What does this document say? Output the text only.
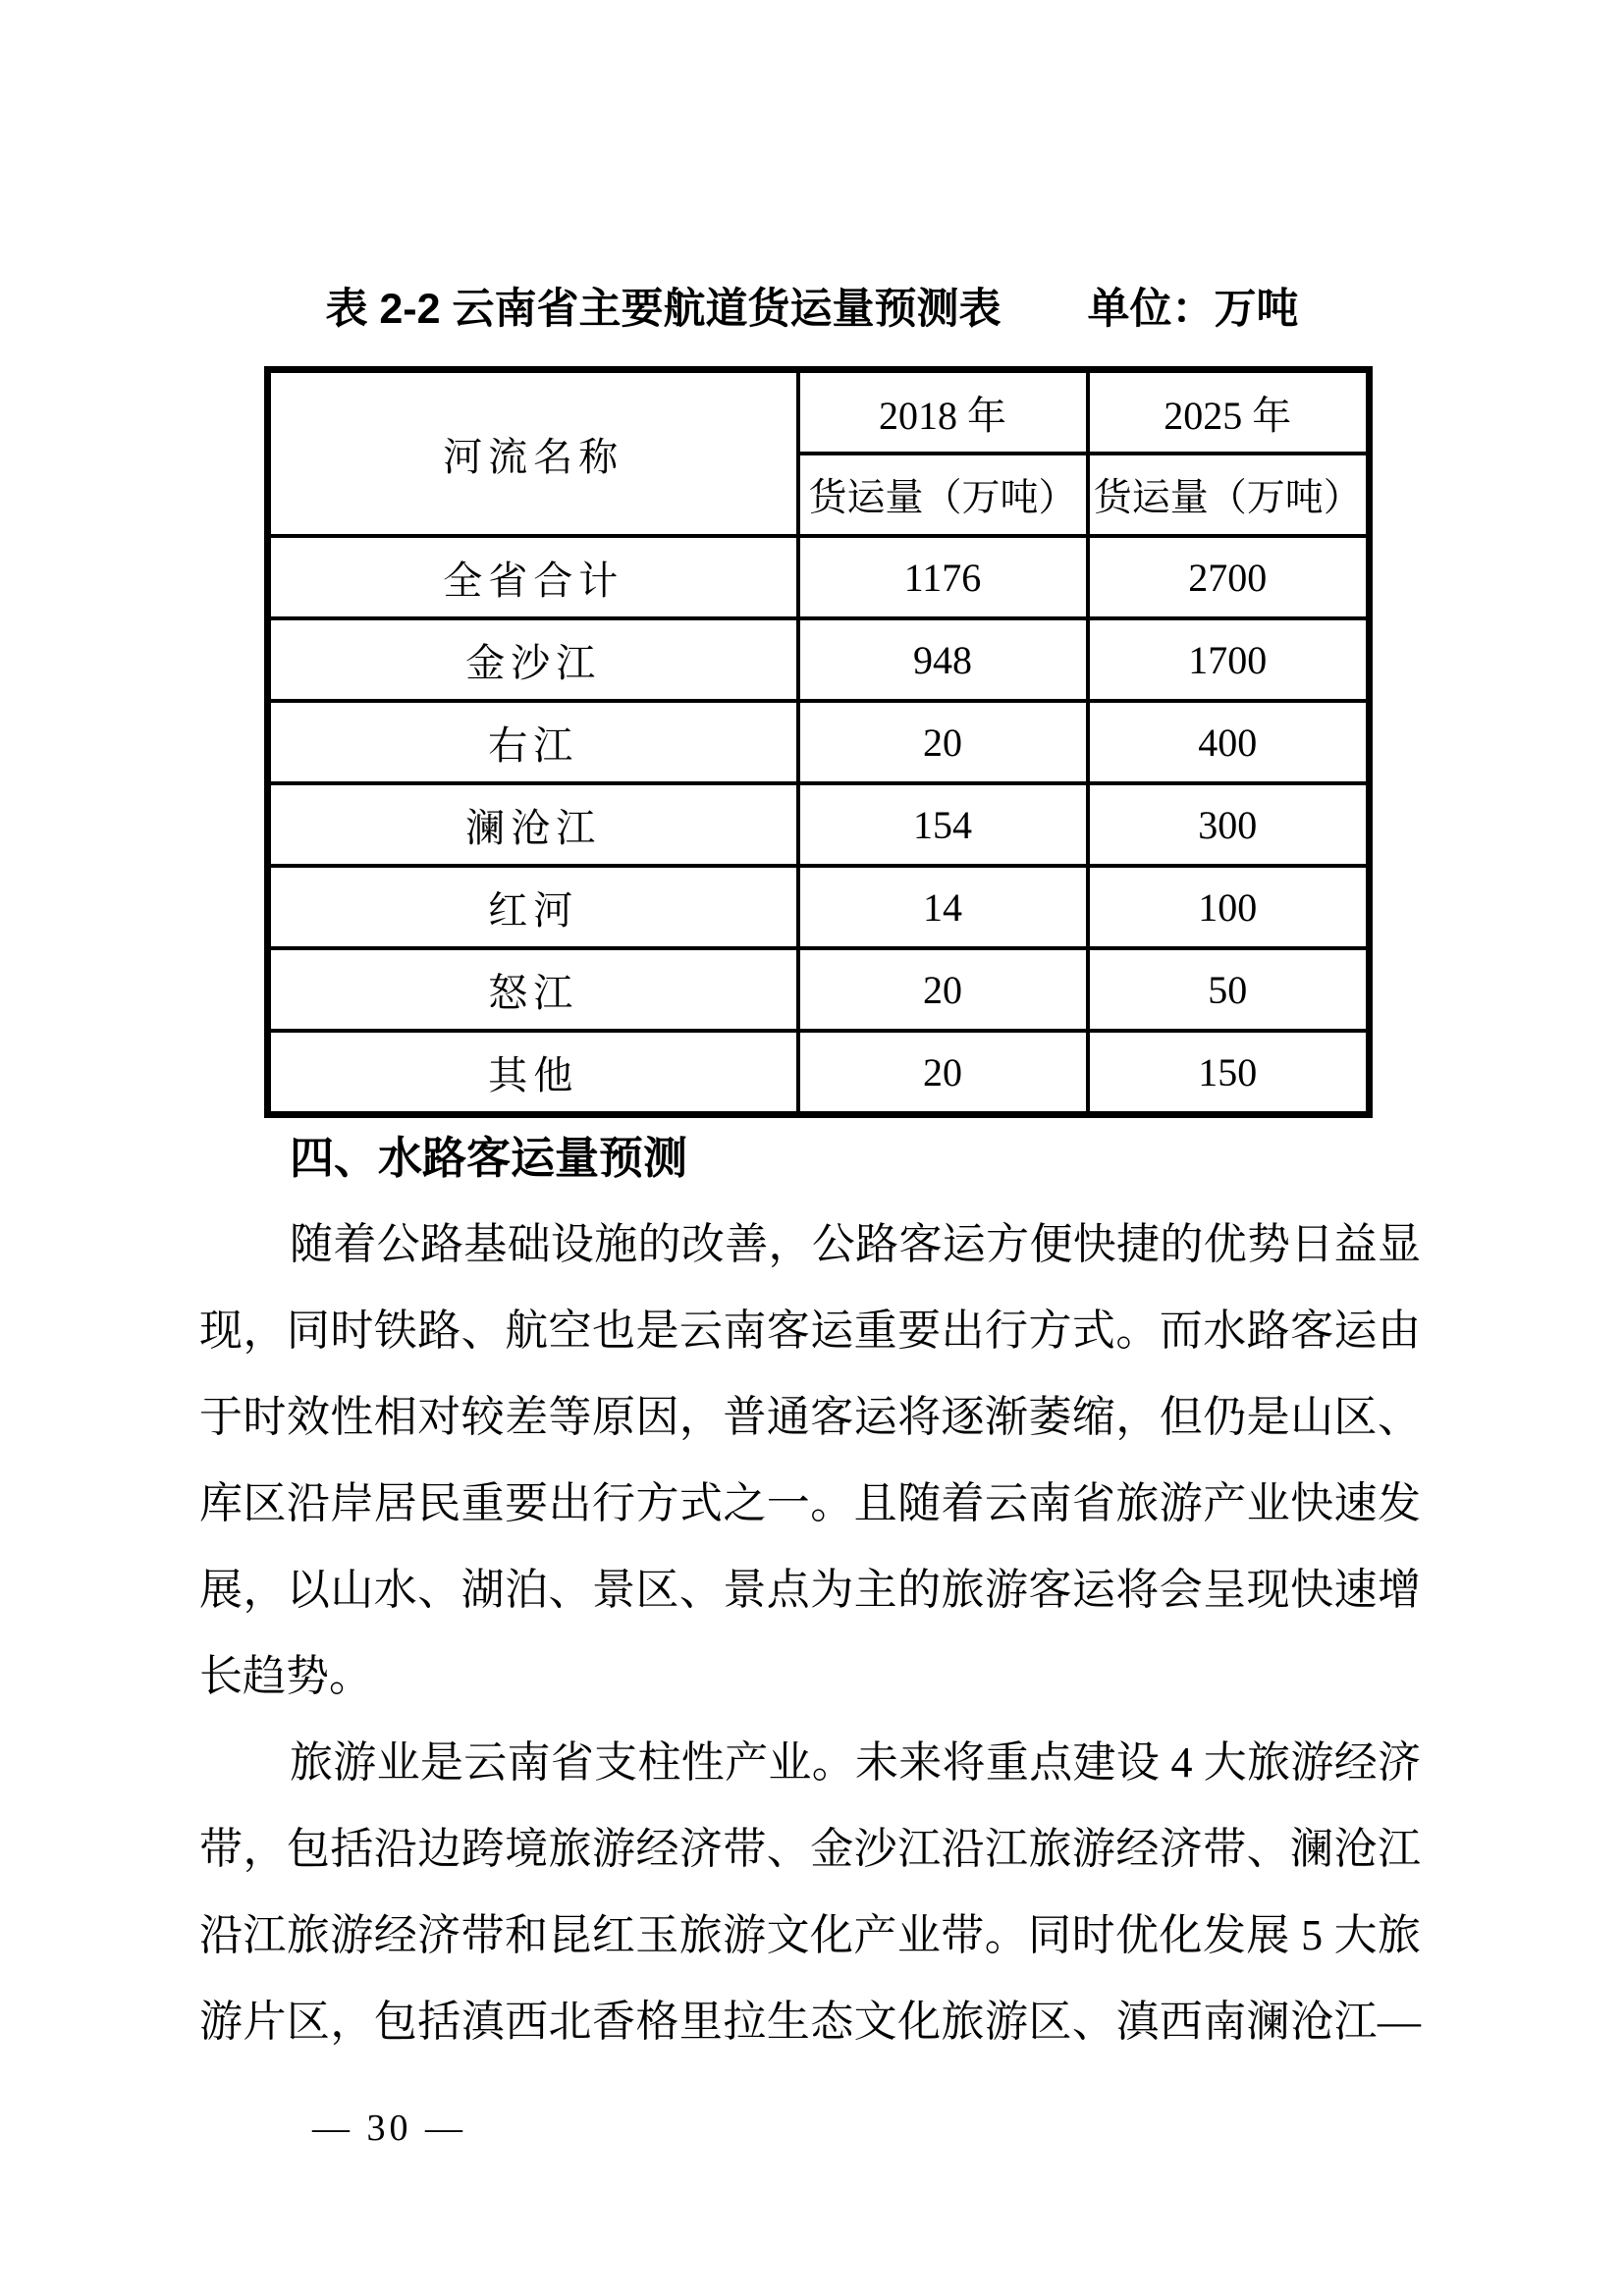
表 2-2 云南省主要航道货运量预测表 单位：万吨
河流名称	2018 年	2025 年
	货运量（万吨）	货运量（万吨）
全省合计	1176	2700
金沙江	948	1700
右江	20	400
澜沧江	154	300
红河	14	100
怒江	20	50
其他	20	150
四、水路客运量预测
随着公路基础设施的改善，公路客运方便快捷的优势日益显
现，同时铁路、航空也是云南客运重要出行方式。而水路客运由
于时效性相对较差等原因，普通客运将逐渐萎缩，但仍是山区、
库区沿岸居民重要出行方式之一。且随着云南省旅游产业快速发
展，以山水、湖泊、景区、景点为主的旅游客运将会呈现快速增
长趋势。
旅游业是云南省支柱性产业。未来将重点建设 4 大旅游经济
带，包括沿边跨境旅游经济带、金沙江沿江旅游经济带、澜沧江
沿江旅游经济带和昆红玉旅游文化产业带。同时优化发展 5 大旅
游片区，包括滇西北香格里拉生态文化旅游区、滇西南澜沧江—
— 30 —
